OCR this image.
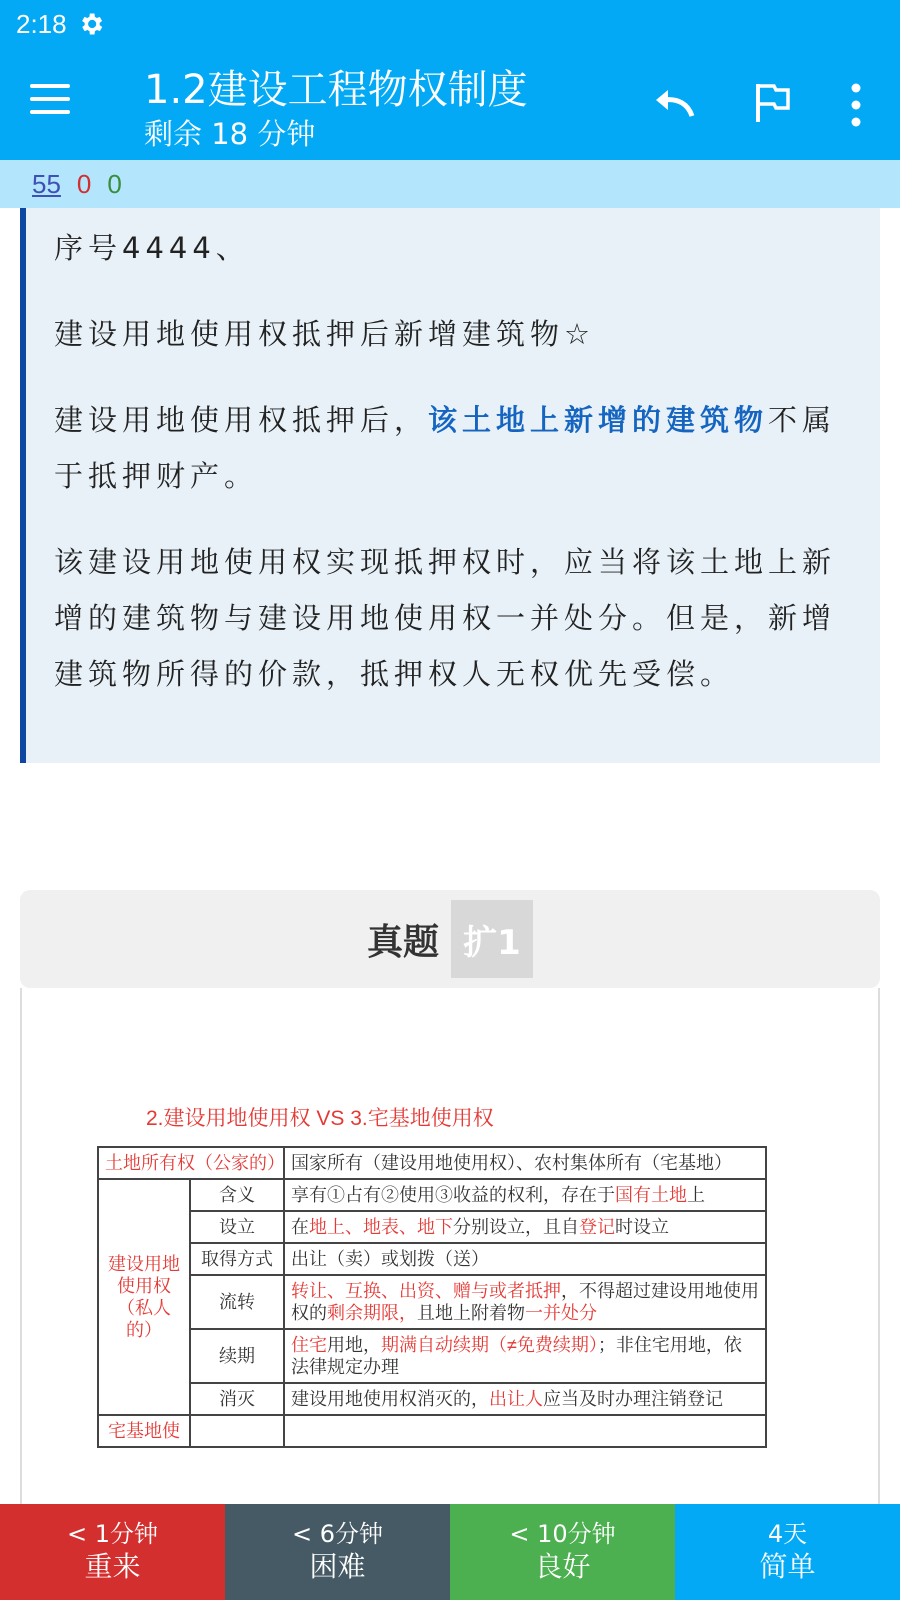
2:18
1.2建设工程物权制度
剩余 18 分钟
55 0 0

序号4444、

建设用地使用权抵押后新增建筑物☆

建设用地使用权抵押后，该土地上新增的建筑物不属于抵押财产。

该建设用地使用权实现抵押权时，应当将该土地上新增的建筑物与建设用地使用权一并处分。但是，新增建筑物所得的价款，抵押权人无权优先受偿。

真题 扩1
2.建设用地使用权 VS 3.宅基地使用权
土地所有权（公家的）		国家所有（建设用地使用权）、农村集体所有（宅基地）
建设用地使用权（私人的）	含义	享有①占有②使用③收益的权利，存在于国有土地上
	设立	在地上、地表、地下分别设立，且自登记时设立
	取得方式	出让（卖）或划拨（送）
	流转	转让、互换、出资、赠与或者抵押，不得超过建设用地使用权的剩余期限，且地上附着物一并处分
	续期	住宅用地，期满自动续期（≠免费续期）；非住宅用地，依法律规定办理
	消灭	建设用地使用权消灭的，出让人应当及时办理注销登记
宅基地使		
< 1分钟
重来
< 6分钟
困难
< 10分钟
良好
4天
简单
